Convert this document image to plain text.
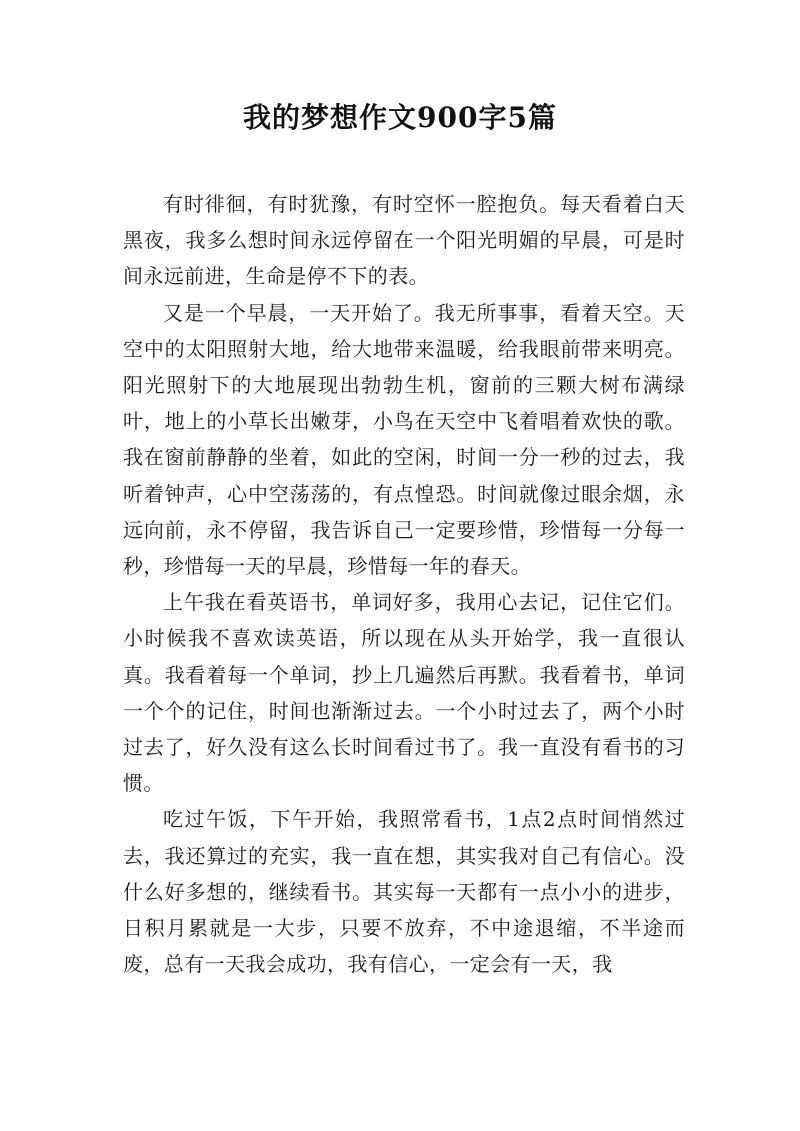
我的梦想作文900字5篇

有时徘徊，有时犹豫，有时空怀一腔抱负。每天看着白天黑夜，我多么想时间永远停留在一个阳光明媚的早晨，可是时间永远前进，生命是停不下的表。

又是一个早晨，一天开始了。我无所事事，看着天空。天空中的太阳照射大地，给大地带来温暖，给我眼前带来明亮。阳光照射下的大地展现出勃勃生机，窗前的三颗大树布满绿叶，地上的小草长出嫩芽，小鸟在天空中飞着唱着欢快的歌。我在窗前静静的坐着，如此的空闲，时间一分一秒的过去，我听着钟声，心中空荡荡的，有点惶恐。时间就像过眼余烟，永远向前，永不停留，我告诉自己一定要珍惜，珍惜每一分每一秒，珍惜每一天的早晨，珍惜每一年的春天。

上午我在看英语书，单词好多，我用心去记，记住它们。小时候我不喜欢读英语，所以现在从头开始学，我一直很认真。我看着每一个单词，抄上几遍然后再默。我看着书，单词一个个的记住，时间也渐渐过去。一个小时过去了，两个小时过去了，好久没有这么长时间看过书了。我一直没有看书的习惯。

吃过午饭，下午开始，我照常看书，1点2点时间悄然过去，我还算过的充实，我一直在想，其实我对自己有信心。没什么好多想的，继续看书。其实每一天都有一点小小的进步，日积月累就是一大步，只要不放弃，不中途退缩，不半途而废，总有一天我会成功，我有信心，一定会有一天，我
